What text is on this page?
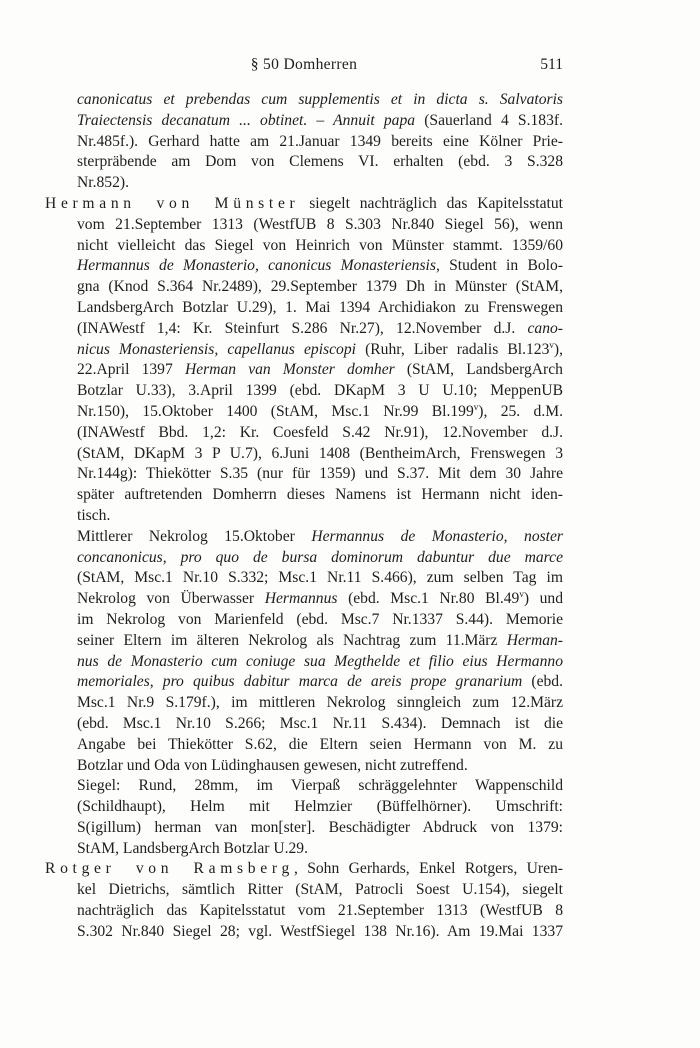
§ 50 Domherren	511
canonicatus et prebendas cum supplementis et in dicta s. Salvatoris
Traiectensis decanatum ... obtinet. – Annuit papa (Sauerland 4 S.183f.
Nr.485f.). Gerhard hatte am 21.Januar 1349 bereits eine Kölner Prie-
sterpräbende am Dom von Clemens VI. erhalten (ebd. 3 S.328
Nr.852).
Hermann von Münster siegelt nachträglich das Kapitelsstatut
vom 21.September 1313 (WestfUB 8 S.303 Nr.840 Siegel 56), wenn
nicht vielleicht das Siegel von Heinrich von Münster stammt. 1359/60
Hermannus de Monasterio, canonicus Monasteriensis, Student in Bolo-
gna (Knod S.364 Nr.2489), 29.September 1379 Dh in Münster (StAM,
LandsbergArch Botzlar U.29), 1. Mai 1394 Archidiakon zu Frenswegen
(INAWestf 1,4: Kr. Steinfurt S.286 Nr.27), 12.November d.J. cano-
nicus Monasteriensis, capellanus episcopi (Ruhr, Liber radalis Bl.123$^v$),
22.April 1397 Herman van Monster domher (StAM, LandsbergArch
Botzlar U.33), 3.April 1399 (ebd. DKapM 3 U U.10; MeppenUB
Nr.150), 15.Oktober 1400 (StAM, Msc.1 Nr.99 Bl.199$^v$), 25. d.M.
(INAWestf Bbd. 1,2: Kr. Coesfeld S.42 Nr.91), 12.November d.J.
(StAM, DKapM 3 P U.7), 6.Juni 1408 (BentheimArch, Frenswegen 3
Nr.144g): Thiekötter S.35 (nur für 1359) und S.37. Mit dem 30 Jahre
später auftretenden Domherrn dieses Namens ist Hermann nicht iden-
tisch.
Mittlerer Nekrolog 15.Oktober Hermannus de Monasterio, noster
concanonicus, pro quo de bursa dominorum dabuntur due marce
(StAM, Msc.1 Nr.10 S.332; Msc.1 Nr.11 S.466), zum selben Tag im
Nekrolog von Überwasser Hermannus (ebd. Msc.1 Nr.80 Bl.49$^v$) und
im Nekrolog von Marienfeld (ebd. Msc.7 Nr.1337 S.44). Memorie
seiner Eltern im älteren Nekrolog als Nachtrag zum 11.März Herman-
nus de Monasterio cum coniuge sua Megthelde et filio eius Hermanno
memoriales, pro quibus dabitur marca de areis prope granarium (ebd.
Msc.1 Nr.9 S.179f.), im mittleren Nekrolog sinngleich zum 12.März
(ebd. Msc.1 Nr.10 S.266; Msc.1 Nr.11 S.434). Demnach ist die
Angabe bei Thiekötter S.62, die Eltern seien Hermann von M. zu
Botzlar und Oda von Lüdinghausen gewesen, nicht zutreffend.
Siegel: Rund, 28mm, im Vierpaß schräggelehnter Wappenschild
(Schildhaupt), Helm mit Helmzier (Büffelhörner). Umschrift:
S(igillum) herman van mon[ster]. Beschädigter Abdruck von 1379:
StAM, LandsbergArch Botzlar U.29.
Rotger von Ramsberg, Sohn Gerhards, Enkel Rotgers, Uren-
kel Dietrichs, sämtlich Ritter (StAM, Patrocli Soest U.154), siegelt
nachträglich das Kapitelsstatut vom 21.September 1313 (WestfUB 8
S.302 Nr.840 Siegel 28; vgl. WestfSiegel 138 Nr.16). Am 19.Mai 1337
